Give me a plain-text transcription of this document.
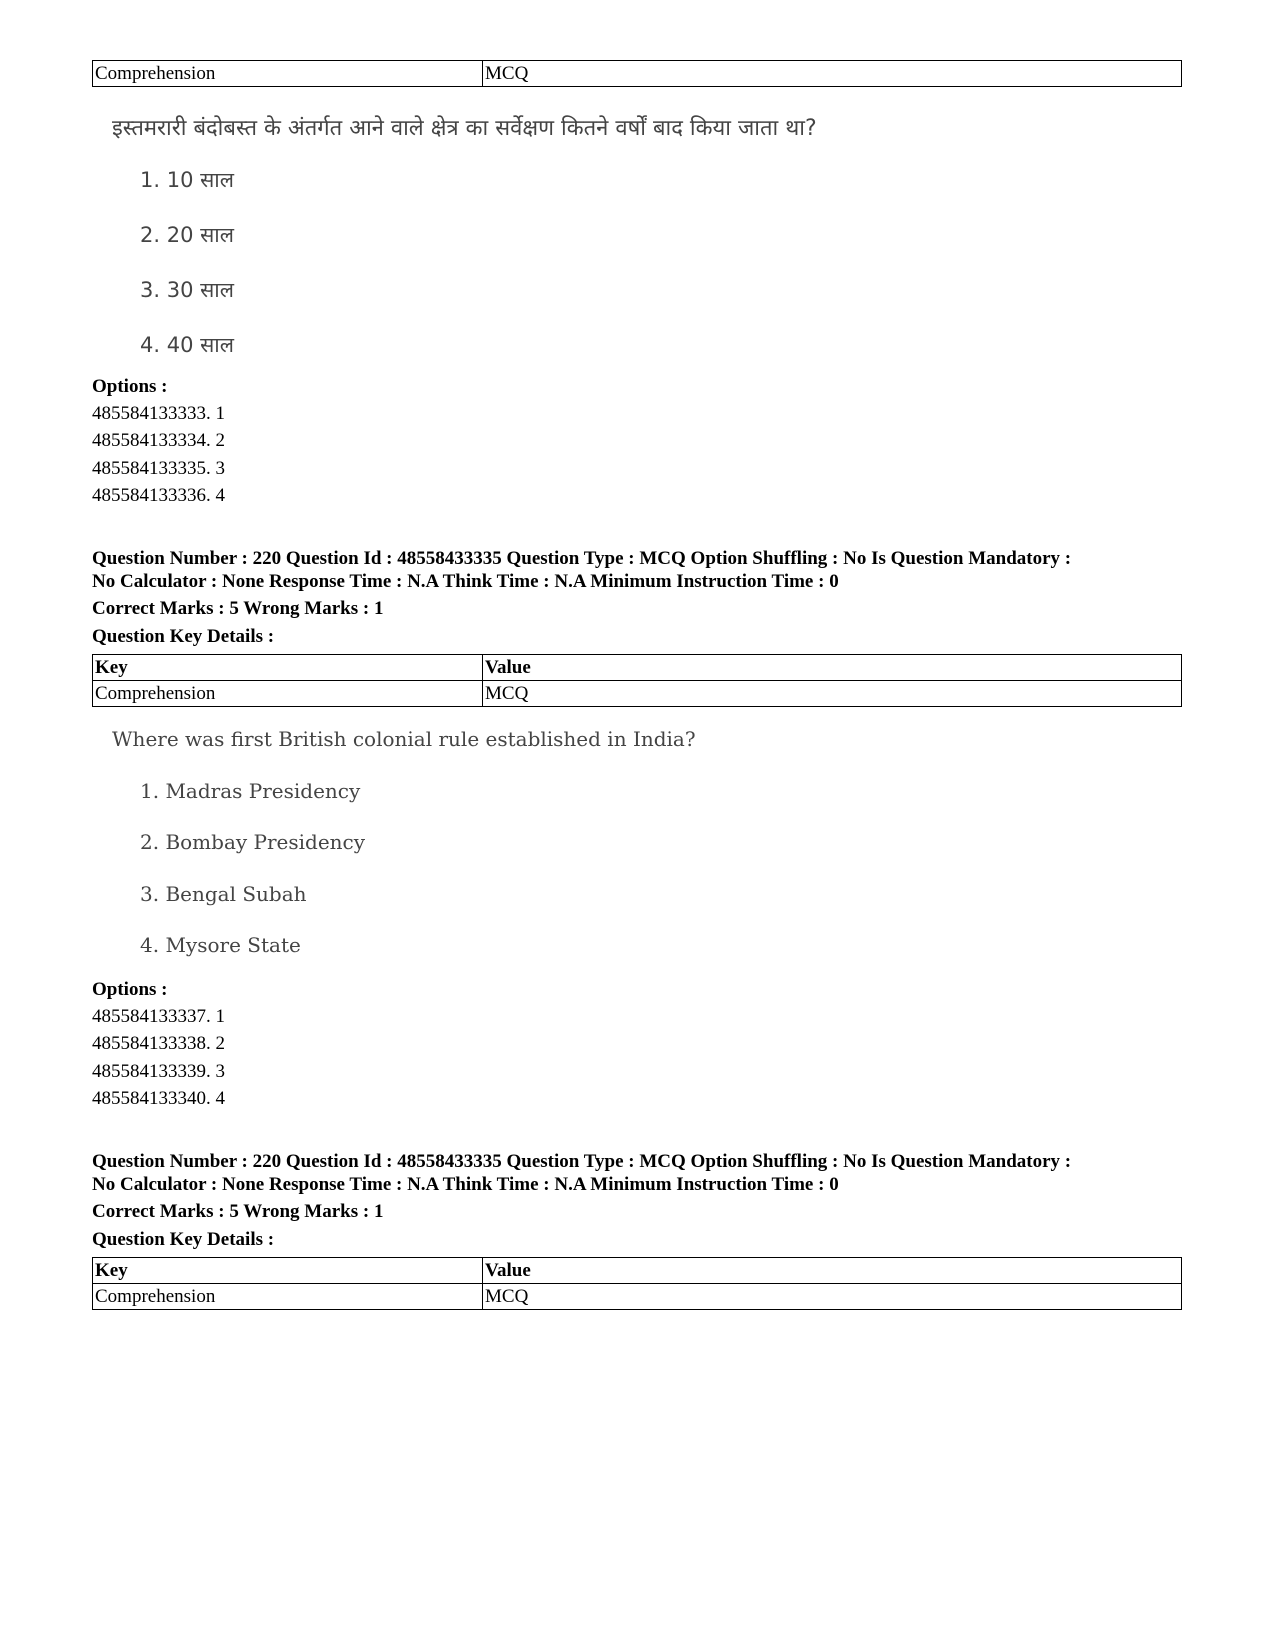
Comprehension	MCQ
इस्तमरारी बंदोबस्त के अंतर्गत आने वाले क्षेत्र का सर्वेक्षण कितने वर्षों बाद किया जाता था?
1. 10 साल
2. 20 साल
3. 30 साल
4. 40 साल
Options :
485584133333. 1
485584133334. 2
485584133335. 3
485584133336. 4
Question Number : 220 Question Id : 48558433335 Question Type : MCQ Option Shuffling : No Is Question Mandatory :
No Calculator : None Response Time : N.A Think Time : N.A Minimum Instruction Time : 0
Correct Marks : 5 Wrong Marks : 1
Question Key Details :
Key	Value
Comprehension	MCQ
Where was first British colonial rule established in India?
1. Madras Presidency
2. Bombay Presidency
3. Bengal Subah
4. Mysore State
Options :
485584133337. 1
485584133338. 2
485584133339. 3
485584133340. 4
Question Number : 220 Question Id : 48558433335 Question Type : MCQ Option Shuffling : No Is Question Mandatory :
No Calculator : None Response Time : N.A Think Time : N.A Minimum Instruction Time : 0
Correct Marks : 5 Wrong Marks : 1
Question Key Details :
Key	Value
Comprehension	MCQ
